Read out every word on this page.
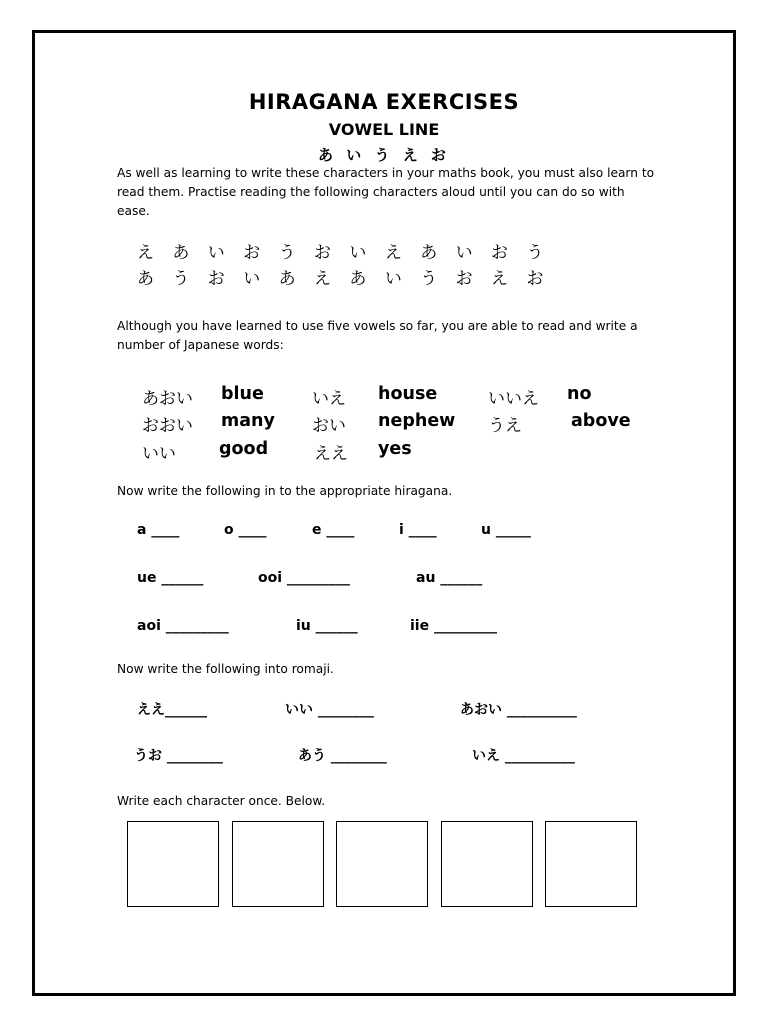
HIRAGANA EXERCISES
VOWEL LINE
あ い う え お
As well as learning to write these characters in your maths book, you must also learn to read them. Practise reading the following characters aloud until you can do so with ease.
え あ い お う お い え あ い お う
あ う お い あ え あ い う お え お
Although you have learned to use five vowels so far, you are able to read and write a number of Japanese words:
あおい blue	いえ house	いいえ no
おおい many おい nephew うえ	above
いい good	ええ yes
Now write the following in to the appropriate hiragana.
a ____	o ____	e ____	i ____	u _____
ue ______	ooi _________	au ______
aoi _________	iu ______	iie _________
Now write the following into romaji.
ええ______	いい ________	あおい __________
うお ________	あう ________	いえ __________
Write each character once. Below.
